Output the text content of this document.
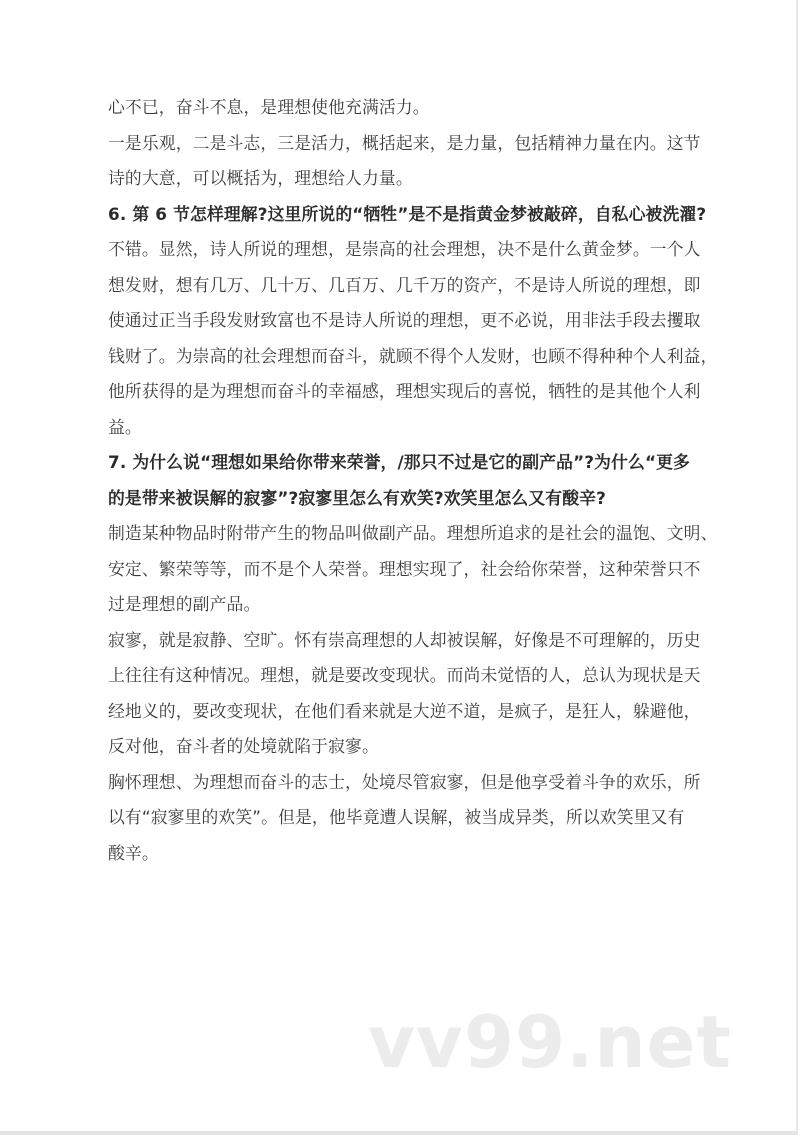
心不已，奋斗不息，是理想使他充满活力。
一是乐观，二是斗志，三是活力，概括起来，是力量，包括精神力量在内。这节
诗的大意，可以概括为，理想给人力量。
6. 第 6 节怎样理解?这里所说的“牺牲”是不是指黄金梦被敲碎，自私心被洗濯?
不错。显然，诗人所说的理想，是崇高的社会理想，决不是什么黄金梦。一个人
想发财，想有几万、几十万、几百万、几千万的资产，不是诗人所说的理想，即
使通过正当手段发财致富也不是诗人所说的理想，更不必说，用非法手段去攫取
钱财了。为崇高的社会理想而奋斗，就顾不得个人发财，也顾不得种种个人利益，
他所获得的是为理想而奋斗的幸福感，理想实现后的喜悦，牺牲的是其他个人利
益。
7. 为什么说“理想如果给你带来荣誉，/那只不过是它的副产品”?为什么“更多
的是带来被误解的寂寥”?寂寥里怎么有欢笑?欢笑里怎么又有酸辛?
制造某种物品时附带产生的物品叫做副产品。理想所追求的是社会的温饱、文明、
安定、繁荣等等，而不是个人荣誉。理想实现了，社会给你荣誉，这种荣誉只不
过是理想的副产品。
寂寥，就是寂静、空旷。怀有崇高理想的人却被误解，好像是不可理解的，历史
上往往有这种情况。理想，就是要改变现状。而尚未觉悟的人，总认为现状是天
经地义的，要改变现状，在他们看来就是大逆不道，是疯子，是狂人，躲避他，
反对他，奋斗者的处境就陷于寂寥。
胸怀理想、为理想而奋斗的志士，处境尽管寂寥，但是他享受着斗争的欢乐，所
以有“寂寥里的欢笑”。但是，他毕竟遭人误解，被当成异类，所以欢笑里又有
酸辛。
vv99.net
